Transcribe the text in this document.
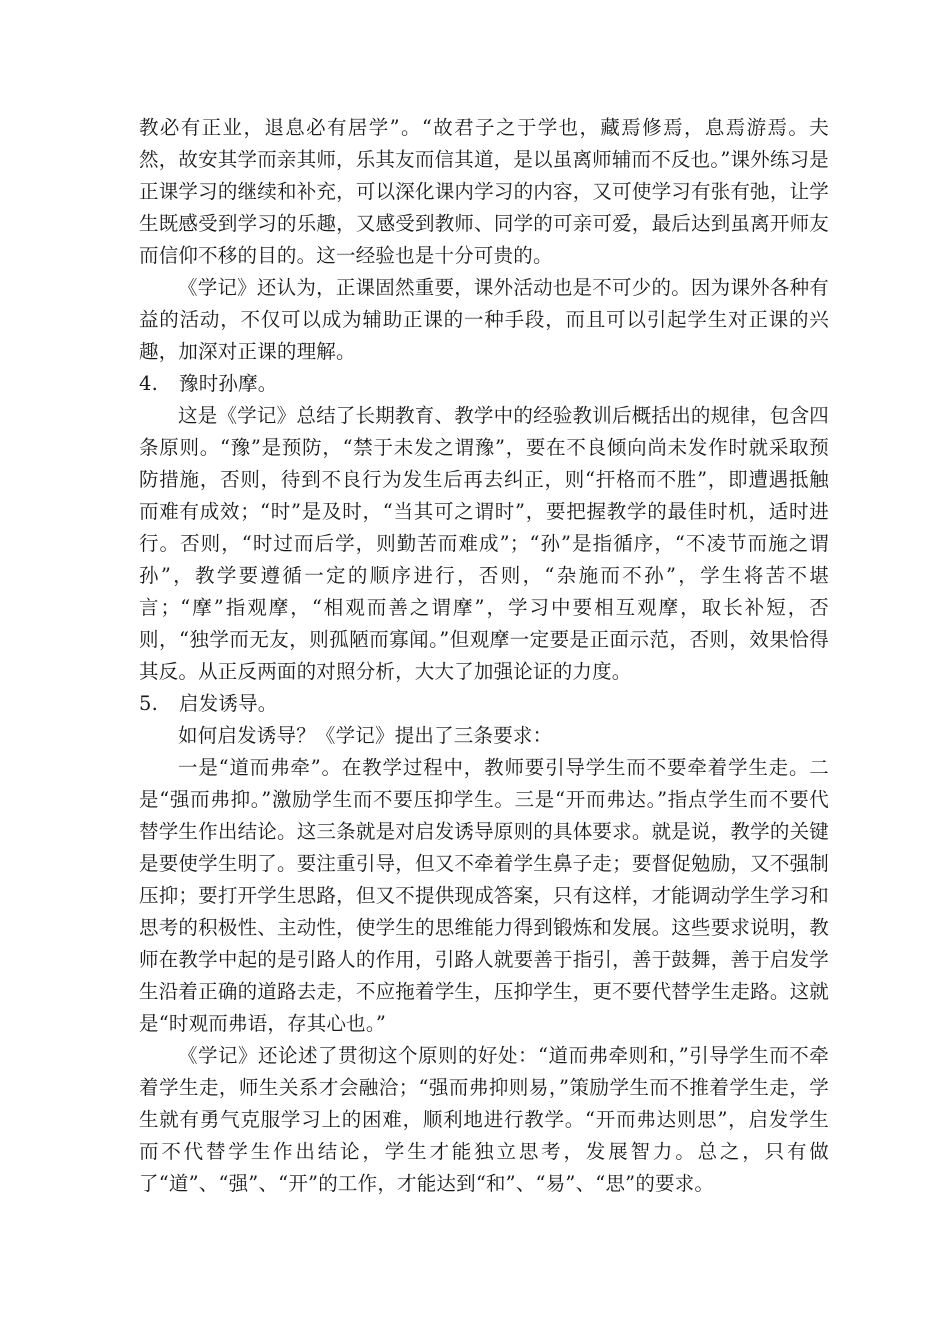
教必有正业，退息必有居学”。“故君子之于学也，藏焉修焉，息焉游焉。夫然，故安其学而亲其师，乐其友而信其道，是以虽离师辅而不反也。”课外练习是正课学习的继续和补充，可以深化课内学习的内容，又可使学习有张有弛，让学生既感受到学习的乐趣，又感受到教师、同学的可亲可爱，最后达到虽离开师友而信仰不移的目的。这一经验也是十分可贵的。

《学记》还认为，正课固然重要，课外活动也是不可少的。因为课外各种有益的活动，不仅可以成为辅助正课的一种手段，而且可以引起学生对正课的兴趣，加深对正课的理解。

4. 豫时孙摩。

这是《学记》总结了长期教育、教学中的经验教训后概括出的规律，包含四条原则。“豫”是预防，“禁于未发之谓豫”，要在不良倾向尚未发作时就采取预防措施，否则，待到不良行为发生后再去纠正，则“扞格而不胜”，即遭遇抵触而难有成效；“时”是及时，“当其可之谓时”，要把握教学的最佳时机，适时进行。否则，“时过而后学，则勤苦而难成”；“孙”是指循序，“不凌节而施之谓孙”，教学要遵循一定的顺序进行，否则，“杂施而不孙”，学生将苦不堪言；“摩”指观摩，“相观而善之谓摩”，学习中要相互观摩，取长补短，否则，“独学而无友，则孤陋而寡闻。”但观摩一定要是正面示范，否则，效果恰得其反。从正反两面的对照分析，大大了加强论证的力度。

5. 启发诱导。

如何启发诱导？《学记》提出了三条要求：

一是“道而弗牵”。在教学过程中，教师要引导学生而不要牵着学生走。二是“强而弗抑。”激励学生而不要压抑学生。三是“开而弗达。”指点学生而不要代替学生作出结论。这三条就是对启发诱导原则的具体要求。就是说，教学的关键是要使学生明了。要注重引导，但又不牵着学生鼻子走；要督促勉励，又不强制压抑；要打开学生思路，但又不提供现成答案，只有这样，才能调动学生学习和思考的积极性、主动性，使学生的思维能力得到锻炼和发展。这些要求说明，教师在教学中起的是引路人的作用，引路人就要善于指引，善于鼓舞，善于启发学生沿着正确的道路去走，不应拖着学生，压抑学生，更不要代替学生走路。这就是“时观而弗语，存其心也。”

《学记》还论述了贯彻这个原则的好处：“道而弗牵则和，”引导学生而不牵着学生走，师生关系才会融洽；“强而弗抑则易，”策励学生而不推着学生走，学生就有勇气克服学习上的困难，顺利地进行教学。“开而弗达则思”，启发学生而不代替学生作出结论，学生才能独立思考，发展智力。总之，只有做了“道”、“强”、“开”的工作，才能达到“和”、“易”、“思”的要求。
